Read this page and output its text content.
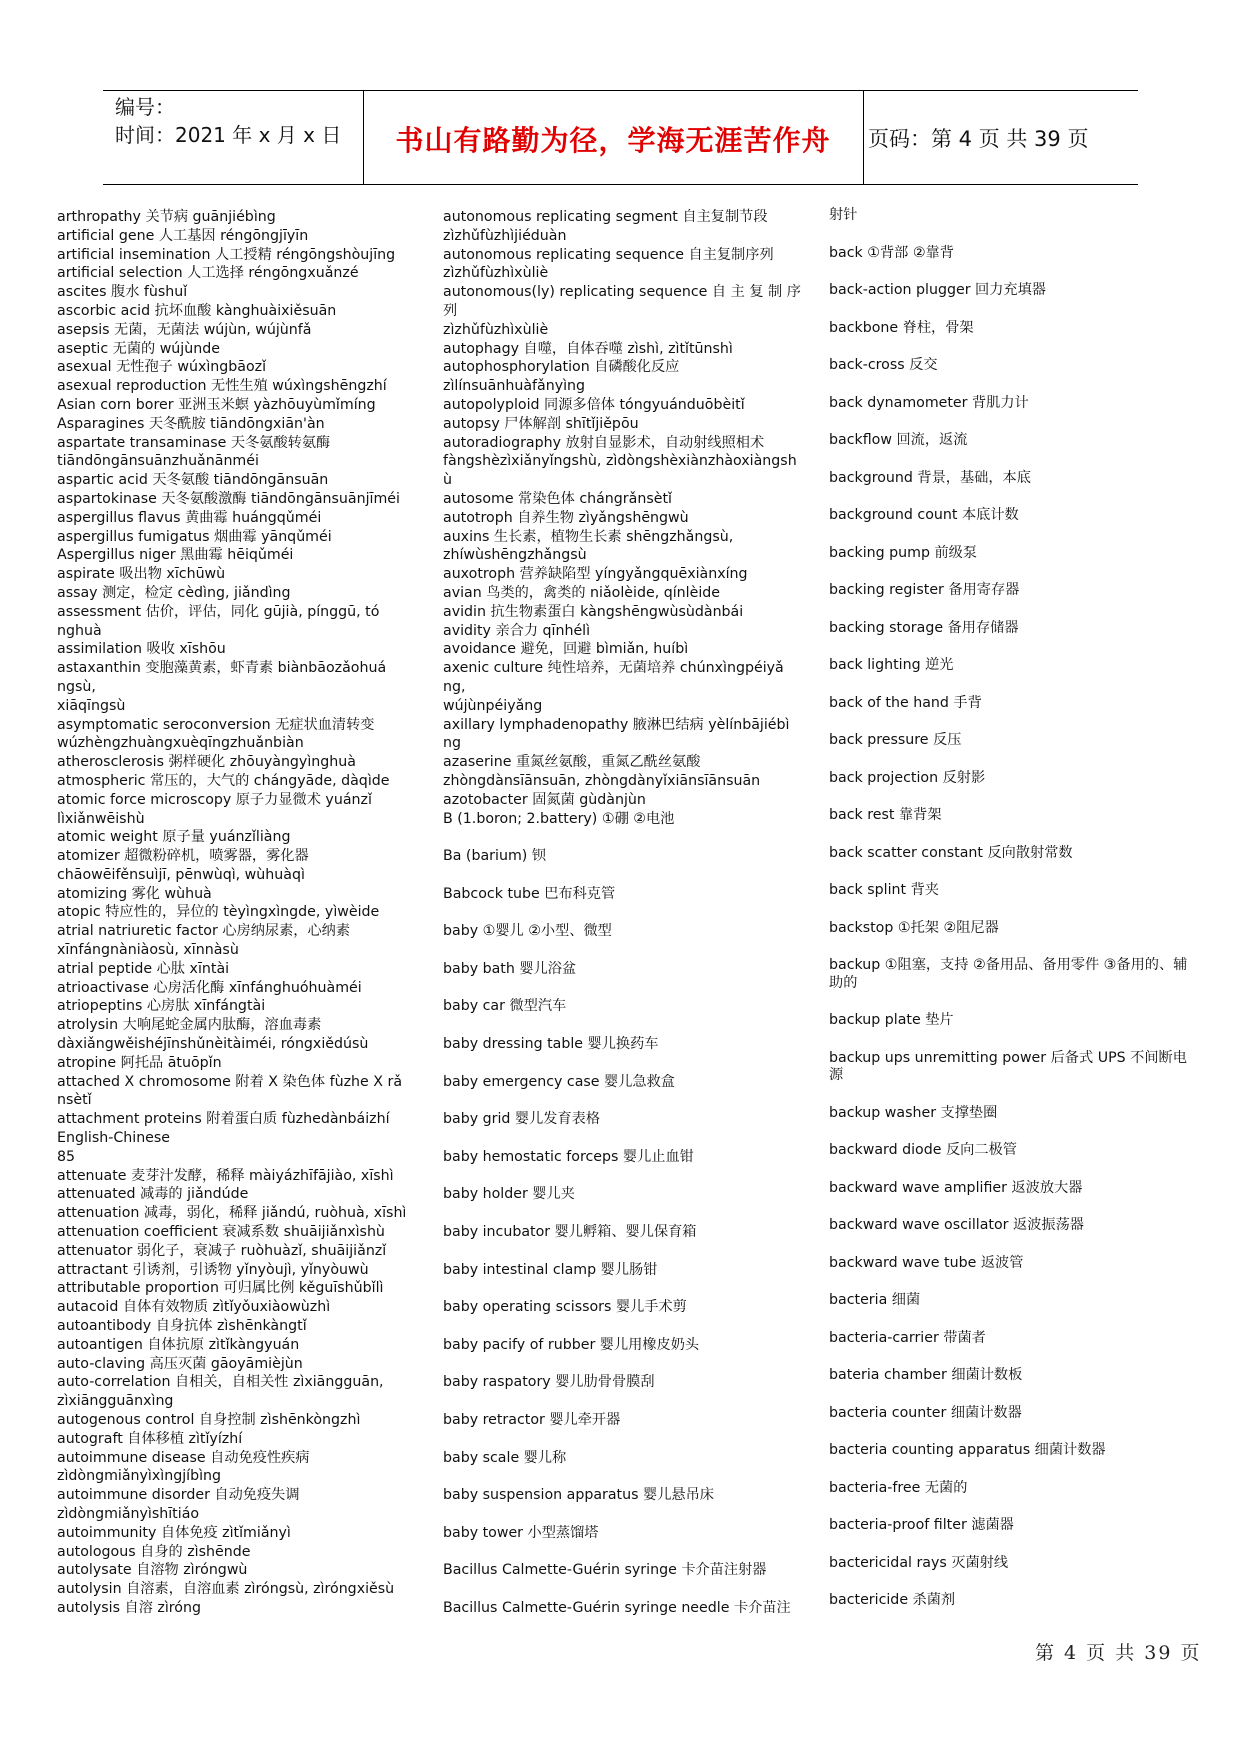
编号：
时间：2021 年 x 月 x 日	书山有路勤为径，学海无涯苦作舟	页码：第 4 页 共 39 页
arthropathy 关节病 guānjiébìng
artificial gene 人工基因 réngōngjīyīn
artificial insemination 人工授精 réngōngshòujīng
artificial selection 人工选择 réngōngxuǎnzé
ascites 腹水 fùshuǐ
ascorbic acid 抗坏血酸 kànghuàixiěsuān
asepsis 无菌，无菌法 wújùn, wújùnfǎ
aseptic 无菌的 wújùnde
asexual 无性孢子 wúxìngbāozǐ
asexual reproduction 无性生殖 wúxìngshēngzhí
Asian corn borer 亚洲玉米螟 yàzhōuyùmǐmíng
Asparagines 天冬酰胺 tiāndōngxiān'àn
aspartate transaminase 天冬氨酸转氨酶
tiāndōngānsuānzhuǎnānméi
aspartic acid 天冬氨酸 tiāndōngānsuān
aspartokinase 天冬氨酸激酶 tiāndōngānsuānjīméi
aspergillus flavus 黄曲霉 huángqǔméi
aspergillus fumigatus 烟曲霉 yānqǔméi
Aspergillus niger 黑曲霉 hēiqǔméi
aspirate 吸出物 xīchūwù
assay 测定，检定 cèdìng, jiǎndìng
assessment 估价，评估，同化 gūjià, pínggū, tó
nghuà
assimilation 吸收 xīshōu
astaxanthin 变胞藻黄素，虾青素 biànbāozǎohuá
ngsù,
xiāqīngsù
asymptomatic seroconversion 无症状血清转变
wúzhèngzhuàngxuèqīngzhuǎnbiàn
atherosclerosis 粥样硬化 zhōuyàngyìnghuà
atmospheric 常压的，大气的 chángyāde, dàqìde
atomic force microscopy 原子力显微术 yuánzǐ
lìxiǎnwēishù
atomic weight 原子量 yuánzǐliàng
atomizer 超微粉碎机，喷雾器，雾化器
chāowēifěnsuìjī, pēnwùqì, wùhuàqì
atomizing 雾化 wùhuà
atopic 特应性的，异位的 tèyìngxìngde, yìwèide
atrial natriuretic factor 心房纳尿素，心纳素
xīnfángnàniàosù, xīnnàsù
atrial peptide 心肽 xīntài
atrioactivase 心房活化酶 xīnfánghuóhuàméi
atriopeptins 心房肽 xīnfángtài
atrolysin 大响尾蛇金属内肽酶，溶血毒素
dàxiǎngwěishéjīnshǔnèitàiméi, róngxiědúsù
atropine 阿托品 ātuōpǐn
attached X chromosome 附着 X 染色体 fùzhe X rǎ
nsètǐ
attachment proteins 附着蛋白质 fùzhedànbáizhí
English-Chinese
85
attenuate 麦芽汁发酵，稀释 màiyázhīfājiào, xīshì
attenuated 减毒的 jiǎndúde
attenuation 减毒，弱化，稀释 jiǎndú, ruòhuà, xīshì
attenuation coefficient 衰减系数 shuāijiǎnxìshù
attenuator 弱化子，衰减子 ruòhuàzǐ, shuāijiǎnzǐ
attractant 引诱剂，引诱物 yǐnyòujì, yǐnyòuwù
attributable proportion 可归属比例 kěguīshǔbǐlì
autacoid 自体有效物质 zìtǐyǒuxiàowùzhì
autoantibody 自身抗体 zìshēnkàngtǐ
autoantigen 自体抗原 zìtǐkàngyuán
auto-claving 高压灭菌 gāoyāmièjùn
auto-correlation 自相关，自相关性 zìxiāngguān,
zìxiāngguānxìng
autogenous control 自身控制 zìshēnkòngzhì
autograft 自体移植 zìtǐyízhí
autoimmune disease 自动免疫性疾病
zìdòngmiǎnyìxìngjíbìng
autoimmune disorder 自动免疫失调
zìdòngmiǎnyìshītiáo
autoimmunity 自体免疫 zìtǐmiǎnyì
autologous 自身的 zìshēnde
autolysate 自溶物 zìróngwù
autolysin 自溶素，自溶血素 zìróngsù, zìróngxiěsù
autolysis 自溶 zìróng
autonomous replicating segment 自主复制节段
zìzhǔfùzhìjiéduàn
autonomous replicating sequence 自主复制序列
zìzhǔfùzhìxùliè
autonomous(ly) replicating sequence 自 主 复 制 序
列
zìzhǔfùzhìxùliè
autophagy 自噬，自体吞噬 zìshì, zìtǐtūnshì
autophosphorylation 自磷酸化反应
zìlínsuānhuàfǎnyìng
autopolyploid 同源多倍体 tóngyuánduōbèitǐ
autopsy 尸体解剖 shītǐjiěpōu
autoradiography 放射自显影术，自动射线照相术
fàngshèzìxiǎnyǐngshù, zìdòngshèxiànzhàoxiàngsh
ù
autosome 常染色体 chángrǎnsètǐ
autotroph 自养生物 zìyǎngshēngwù
auxins 生长素，植物生长素 shēngzhǎngsù,
zhíwùshēngzhǎngsù
auxotroph 营养缺陷型 yíngyǎngquēxiànxíng
avian 鸟类的，禽类的 niǎolèide, qínlèide
avidin 抗生物素蛋白 kàngshēngwùsùdànbái
avidity 亲合力 qīnhélì
avoidance 避免，回避 bìmiǎn, huíbì
axenic culture 纯性培养，无菌培养 chúnxìngpéiyǎ
ng,
wújùnpéiyǎng
axillary lymphadenopathy 腋淋巴结病 yèlínbājiébì
ng
azaserine 重氮丝氨酸，重氮乙酰丝氨酸
zhòngdànsīānsuān, zhòngdànyǐxiānsīānsuān
azotobacter 固氮菌 gùdànjùn
B (1.boron; 2.battery) ①硼 ②电池

Ba (barium) 钡

Babcock tube 巴布科克管

baby ①婴儿 ②小型、微型

baby bath 婴儿浴盆

baby car 微型汽车

baby dressing table 婴儿换药车

baby emergency case 婴儿急救盒

baby grid 婴儿发育表格

baby hemostatic forceps 婴儿止血钳

baby holder 婴儿夹

baby incubator 婴儿孵箱、婴儿保育箱

baby intestinal clamp 婴儿肠钳

baby operating scissors 婴儿手术剪

baby pacify of rubber 婴儿用橡皮奶头

baby raspatory 婴儿肋骨骨膜刮

baby retractor 婴儿牵开器

baby scale 婴儿称

baby suspension apparatus 婴儿悬吊床

baby tower 小型蒸馏塔

Bacillus Calmette-Guérin syringe 卡介苗注射器

Bacillus Calmette-Guérin syringe needle 卡介苗注
射针
back ①背部 ②靠背
back-action plugger 回力充填器
backbone 脊柱，骨架
back-cross 反交
back dynamometer 背肌力计
backflow 回流，返流
background 背景，基础，本底
background count 本底计数
backing pump 前级泵
backing register 备用寄存器
backing storage 备用存储器
back lighting 逆光
back of the hand 手背
back pressure 反压
back projection 反射影
back rest 靠背架
back scatter constant 反向散射常数
back splint 背夹
backstop ①托架 ②阻尼器
backup ①阻塞，支持 ②备用品、备用零件 ③备用的、辅助的
backup plate 垫片
backup ups unremitting power 后备式 UPS 不间断电源
backup washer 支撑垫圈
backward diode 反向二极管
backward wave amplifier 返波放大器
backward wave oscillator 返波振荡器
backward wave tube 返波管
bacteria 细菌
bacteria-carrier 带菌者
bateria chamber 细菌计数板
bacteria counter 细菌计数器
bacteria counting apparatus 细菌计数器
bacteria-free 无菌的
bacteria-proof filter 滤菌器
bactericidal rays 灭菌射线
bactericide 杀菌剂
第 4 页 共 39 页
